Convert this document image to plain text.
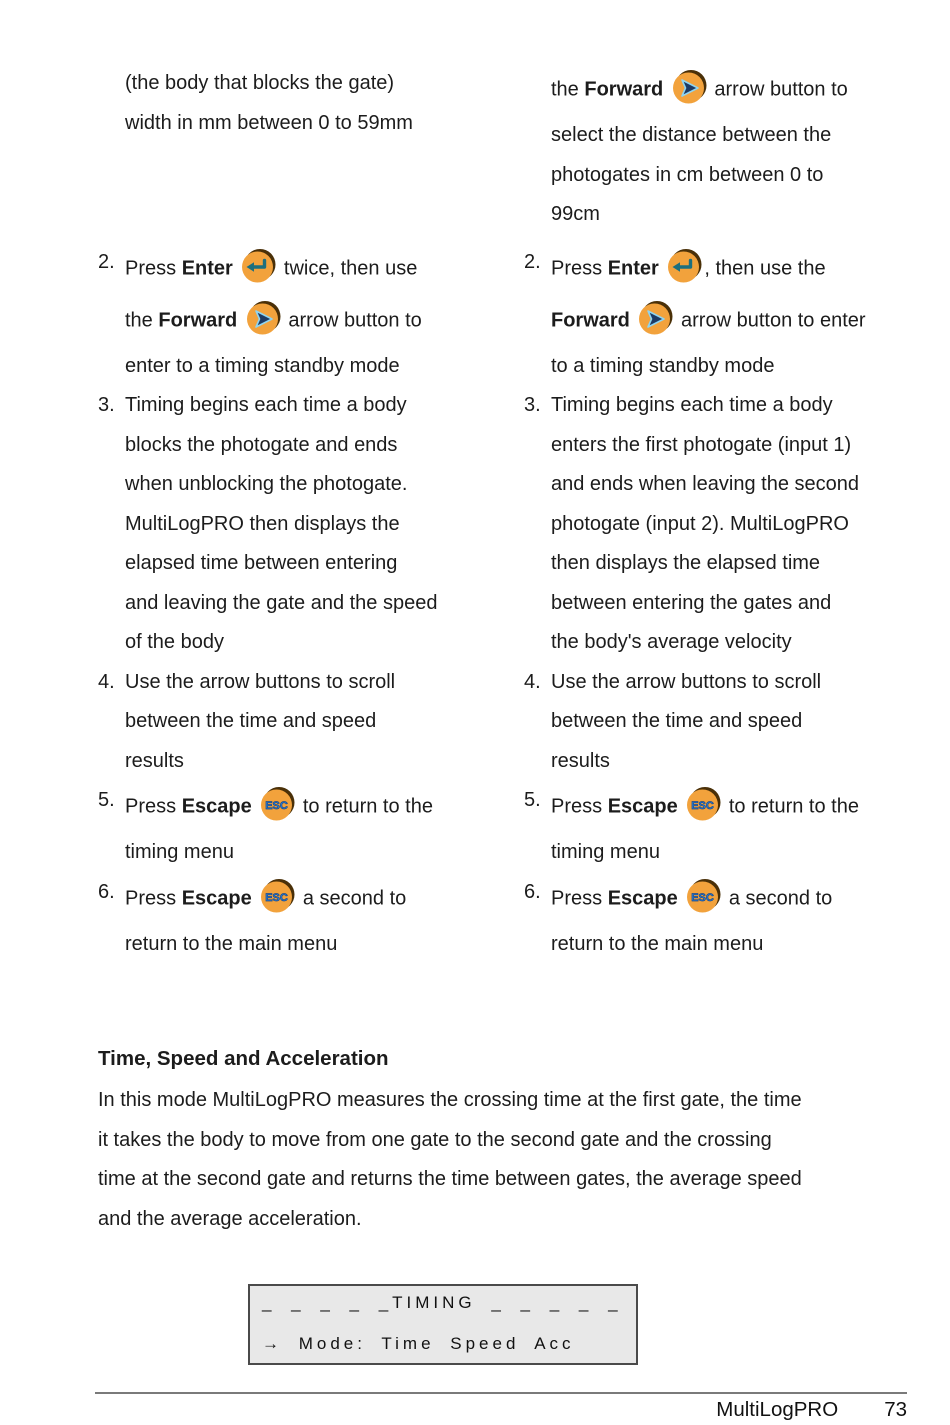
(the body that blocks the gate)
width in mm between 0 to 59mm
the Forward
arrow button to
select the distance between the
photogates in cm between 0 to
99cm
2. Press Enter
twice, then use
the Forward
arrow button to
enter to a timing standby mode
2. Press Enter , then use the
Forward
arrow button to enter
to a timing standby mode
3. Timing begins each time a body
blocks the photogate and ends
when unblocking the photogate.
MultiLogPRO then displays the
elapsed time between entering
and leaving the gate and the speed
of the body
3. Timing begins each time a body
enters the first photogate (input 1)
and ends when leaving the second
photogate (input 2). MultiLogPRO
then displays the elapsed time
between entering the gates and
the body's average velocity
4. Use the arrow buttons to scroll
between the time and speed
results
4. Use the arrow buttons to scroll
between the time and speed
results
5. Press Escape ESC to return to the
timing menu
5. Press Escape ESC to return to the
timing menu
6. Press Escape ESC a second to
return to the main menu
6. Press Escape ESC a second to
return to the main menu
Time, Speed and Acceleration
In this mode MultiLogPRO measures the crossing time at the first gate, the time
it takes the body to move from one gate to the second gate and the crossing
time at the second gate and returns the time between gates, the average speed
and the average acceleration.
_ _ _ _ _TIMING _ _ _ _ _
→ Mode: Time Speed Acc
MultiLogPRO 73
